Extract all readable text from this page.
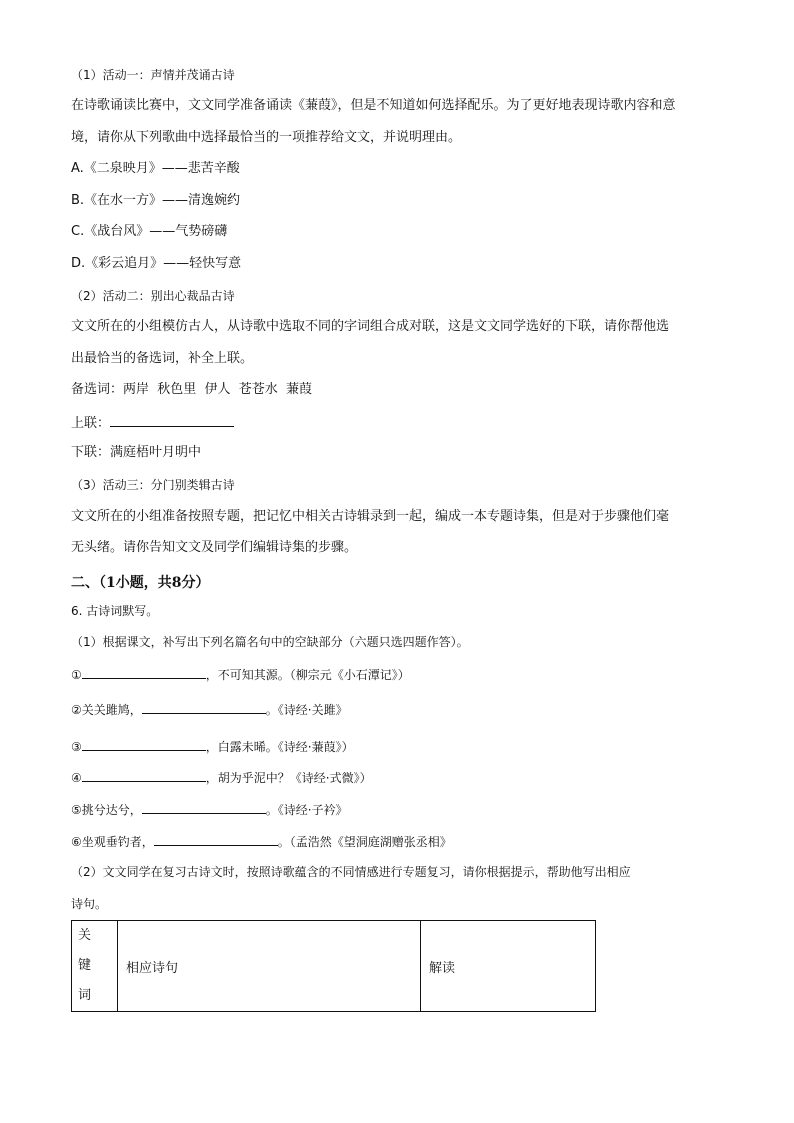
（1）活动一：声情并茂诵古诗
在诗歌诵读比赛中，文文同学准备诵读《蒹葭》，但是不知道如何选择配乐。为了更好地表现诗歌内容和意
境，请你从下列歌曲中选择最恰当的一项推荐给文文，并说明理由。
A.《二泉映月》——悲苦辛酸
B.《在水一方》——清逸婉约
C.《战台风》——气势磅礴
D.《彩云追月》——轻快写意
（2）活动二：别出心裁品古诗
文文所在的小组模仿古人，从诗歌中选取不同的字词组合成对联，这是文文同学选好的下联，请你帮他选
出最恰当的备选词，补全上联。
备选词：两岸  秋色里  伊人  苍苍水  蒹葭
上联：
下联：满庭梧叶月明中
（3）活动三：分门别类辑古诗
文文所在的小组准备按照专题，把记忆中相关古诗辑录到一起，编成一本专题诗集，但是对于步骤他们毫
无头绪。请你告知文文及同学们编辑诗集的步骤。
二、（1小题，共8分）
6. 古诗词默写。
（1）根据课文，补写出下列名篇名句中的空缺部分（六题只选四题作答）。
①	，不可知其源。（柳宗元《小石潭记》）
②关关雎鸠，	。《诗经·关雎》
③	，白露未晞。《诗经·蒹葭》）
④	，胡为乎泥中？《诗经·式微》）
⑤挑兮达兮，	。《诗经·子衿》
⑥坐观垂钓者，	。（孟浩然《望洞庭湖赠张丞相》
（2）文文同学在复习古诗文时，按照诗歌蕴含的不同情感进行专题复习，请你根据提示，帮助他写出相应
诗句。
关键词	相应诗句	解读
